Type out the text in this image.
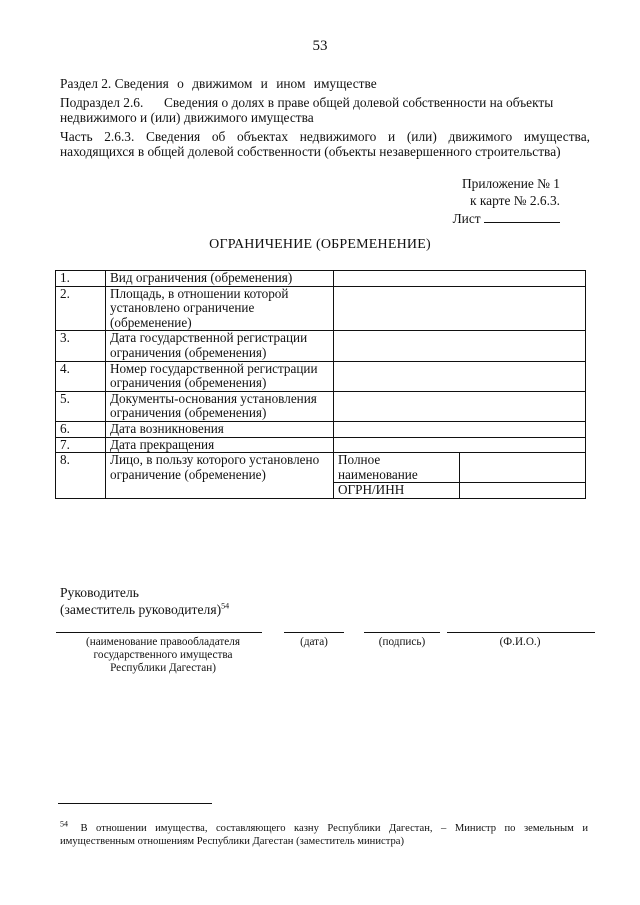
53
Раздел 2. Сведения о движимом и ином имуществе
Подраздел 2.6. Сведения о долях в праве общей долевой собственности на объекты
недвижимого и (или) движимого имущества
Часть 2.6.3. Сведения об объектах недвижимого и (или) движимого имущества,
находящихся в общей долевой собственности (объекты незавершенного строительства)
Приложение № 1
к карте № 2.6.3.
Лист
ОГРАНИЧЕНИЕ (ОБРЕМЕНЕНИЕ)
1.	Вид ограничения (обременения)		
2.	Площадь, в отношении которой установлено ограничение (обременение)		
3.	Дата государственной регистрации ограничения (обременения)		
4.	Номер государственной регистрации ограничения (обременения)		
5.	Документы-основания установления ограничения (обременения)		
6.	Дата возникновения		
7.	Дата прекращения		
8.	Лицо, в пользу которого установлено ограничение (обременение)	Полное наименование	
		ОГРН/ИНН	
Руководитель
(заместитель руководителя)$^{54}$
(наименование правообладателя государственного имущества Республики Дагестан)
(дата)	(подпись)	(Ф.И.О.)
$^{54}$ В отношении имущества, составляющего казну Республики Дагестан, – Министр по земельным и имущественным отношениям Республики Дагестан (заместитель министра)
